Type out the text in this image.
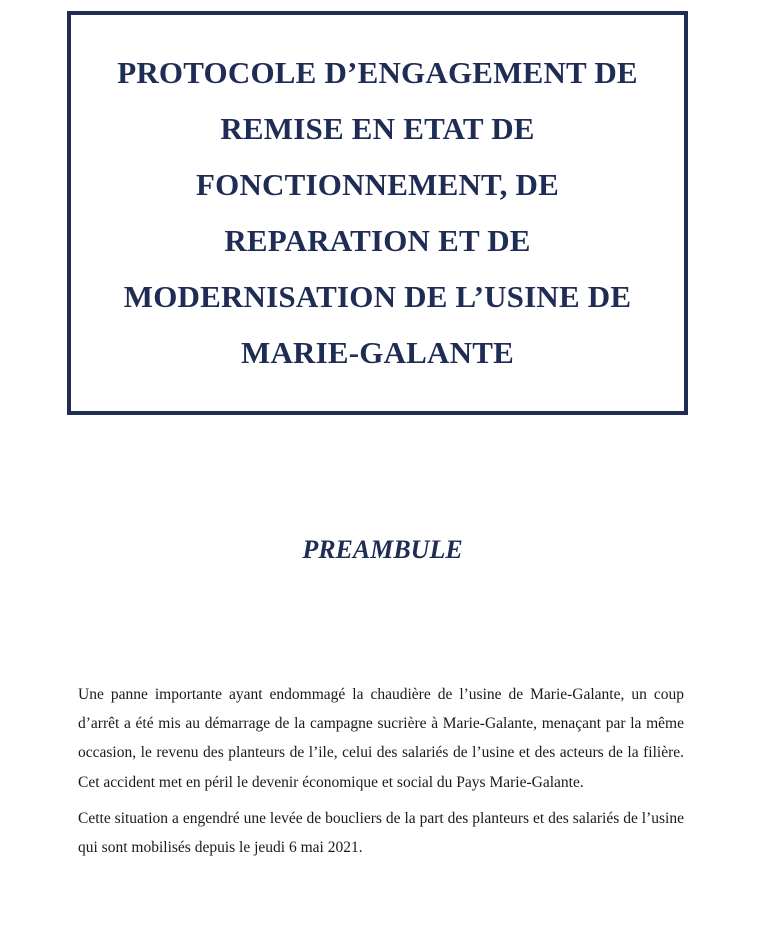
PROTOCOLE D’ENGAGEMENT DE
REMISE EN ETAT DE
FONCTIONNEMENT, DE
REPARATION ET DE
MODERNISATION DE L’USINE DE
MARIE-GALANTE
PREAMBULE

Une panne importante ayant endommagé la chaudière de l’usine de Marie-Galante, un coup d’arrêt a été mis au démarrage de la campagne sucrière à Marie-Galante, menaçant par la même occasion, le revenu des planteurs de l’ile, celui des salariés de l’usine et des acteurs de la filière. Cet accident met en péril le devenir économique et social du Pays Marie-Galante.

Cette situation a engendré une levée de boucliers de la part des planteurs et des salariés de l’usine qui sont mobilisés depuis le jeudi 6 mai 2021.
